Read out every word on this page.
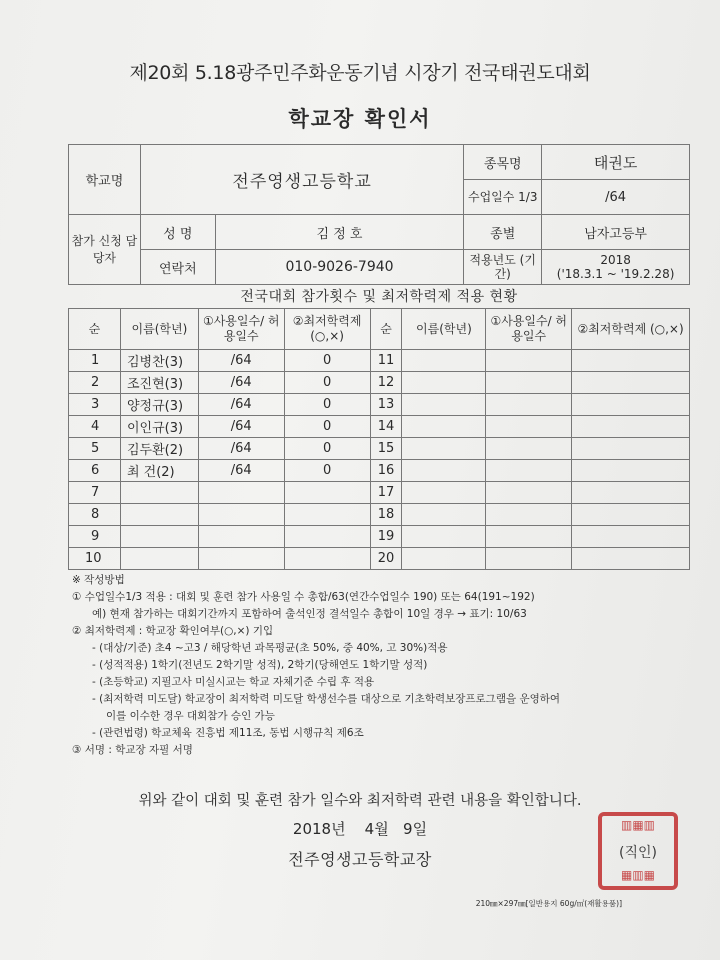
제20회 5.18광주민주화운동기념 시장기 전국태권도대회
학교장 확인서
학교명	전주영생고등학교		종목명	태권도
			수업일수 1/3	/64
참가 신청 담당자	성 명	김 정 호	종별	남자고등부
	연락처	010-9026-7940	적용년도 (기간)	2018
('18.3.1 ~ '19.2.28)
전국대회 참가횟수 및 최저학력제 적용 현황
순	이름(학년)	①사용일수/ 허용일수	②최저학력제 (○,×)	순	이름(학년)	①사용일수/ 허용일수	②최저학력제 (○,×)
1	김병찬(3)	/64	0	11			
2	조진현(3)	/64	0	12			
3	양정규(3)	/64	0	13			
4	이인규(3)	/64	0	14			
5	김두환(2)	/64	0	15			
6	최 건(2)	/64	0	16			
7				17			
8				18			
9				19			
10				20			
※ 작성방법
① 수업일수1/3 적용 : 대회 및 훈련 참가 사용일 수 총합/63(연간수업일수 190) 또는 64(191~192)
예) 현재 참가하는 대회기간까지 포함하여 출석인정 결석일수 총합이 10일 경우 → 표기: 10/63
② 최저학력제 : 학교장 확인여부(○,×) 기입
- (대상/기준) 초4 ~고3 / 해당학년 과목평균(초 50%, 중 40%, 고 30%)적용
- (성적적용) 1학기(전년도 2학기말 성적), 2학기(당해연도 1학기말 성적)
- (초등학교) 지필고사 미실시교는 학교 자체기준 수립 후 적용
- (최저학력 미도달) 학교장이 최저학력 미도달 학생선수를 대상으로 기초학력보장프로그램을 운영하여
이를 이수한 경우 대회참가 승인 가능
- (관련법령) 학교체육 진흥법 제11조, 동법 시행규칙 제6조
③ 서명 : 학교장 자필 서명
위와 같이 대회 및 훈련 참가 일수와 최저학력 관련 내용을 확인합니다.
2018년 4월 9일
전주영생고등학교장
▥▦▥
(직인)
▦▥▦
210㎜×297㎜[일반용지 60g/㎡(재활용품)]
